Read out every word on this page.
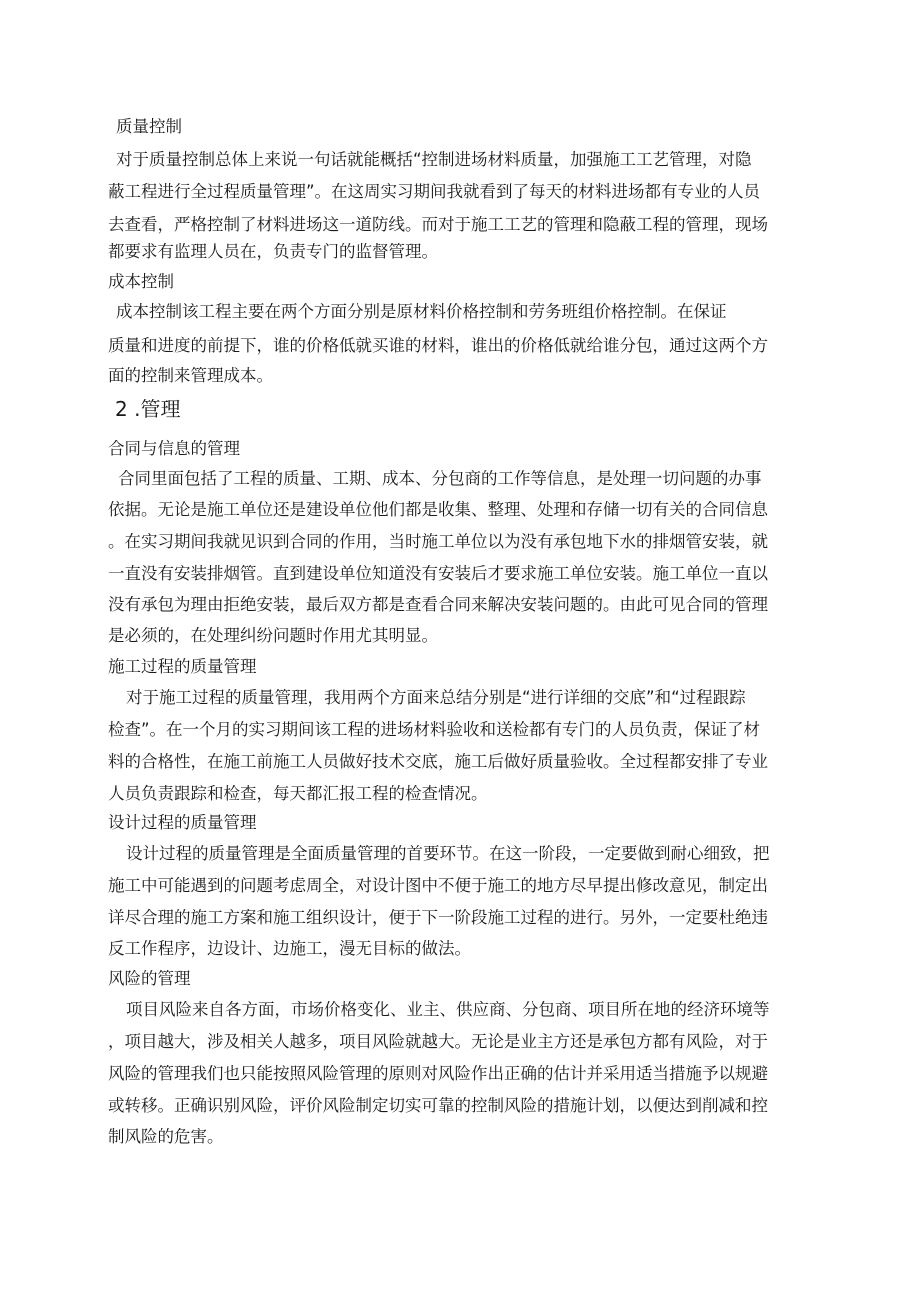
质量控制
对于质量控制总体上来说一句话就能概括“控制进场材料质量，加强施工工艺管理，对隐
蔽工程进行全过程质量管理”。在这周实习期间我就看到了每天的材料进场都有专业的人员
去查看，严格控制了材料进场这一道防线。而对于施工工艺的管理和隐蔽工程的管理，现场
都要求有监理人员在，负责专门的监督管理。
成本控制
成本控制该工程主要在两个方面分别是原材料价格控制和劳务班组价格控制。在保证
质量和进度的前提下，谁的价格低就买谁的材料，谁出的价格低就给谁分包，通过这两个方
面的控制来管理成本。
2 .管理
合同与信息的管理
合同里面包括了工程的质量、工期、成本、分包商的工作等信息，是处理一切问题的办事
依据。无论是施工单位还是建设单位他们都是收集、整理、处理和存储一切有关的合同信息
。在实习期间我就见识到合同的作用，当时施工单位以为没有承包地下水的排烟管安装，就
一直没有安装排烟管。直到建设单位知道没有安装后才要求施工单位安装。施工单位一直以
没有承包为理由拒绝安装，最后双方都是查看合同来解决安装问题的。由此可见合同的管理
是必须的，在处理纠纷问题时作用尤其明显。
施工过程的质量管理
对于施工过程的质量管理，我用两个方面来总结分别是“进行详细的交底”和“过程跟踪
检查”。在一个月的实习期间该工程的进场材料验收和送检都有专门的人员负责，保证了材
料的合格性，在施工前施工人员做好技术交底，施工后做好质量验收。全过程都安排了专业
人员负责跟踪和检查，每天都汇报工程的检查情况。
设计过程的质量管理
设计过程的质量管理是全面质量管理的首要环节。在这一阶段，一定要做到耐心细致，把
施工中可能遇到的问题考虑周全，对设计图中不便于施工的地方尽早提出修改意见，制定出
详尽合理的施工方案和施工组织设计，便于下一阶段施工过程的进行。另外，一定要杜绝违
反工作程序，边设计、边施工，漫无目标的做法。
风险的管理
项目风险来自各方面，市场价格变化、业主、供应商、分包商、项目所在地的经济环境等
，项目越大，涉及相关人越多，项目风险就越大。无论是业主方还是承包方都有风险，对于
风险的管理我们也只能按照风险管理的原则对风险作出正确的估计并采用适当措施予以规避
或转移。正确识别风险，评价风险制定切实可靠的控制风险的措施计划，以便达到削减和控
制风险的危害。
